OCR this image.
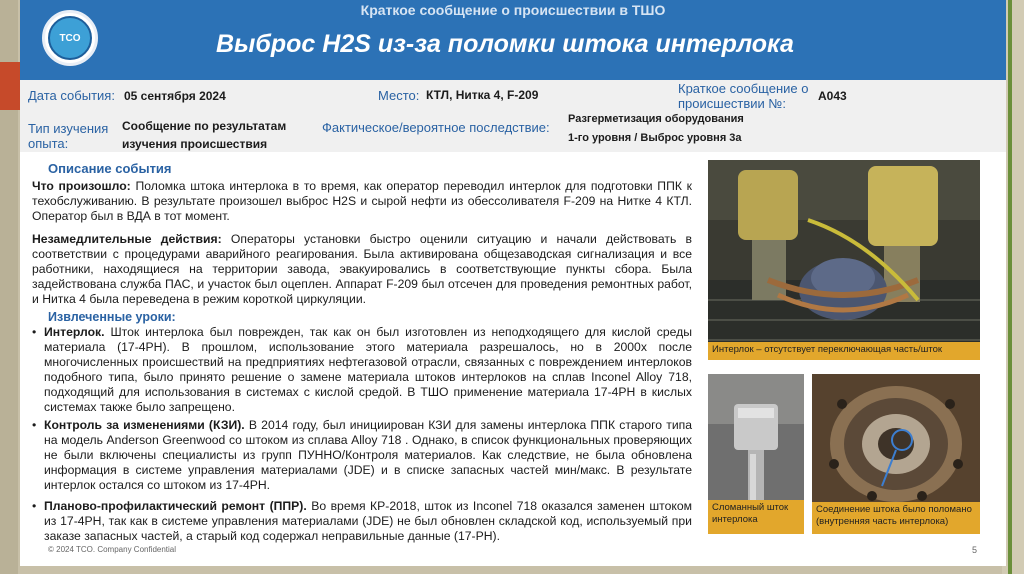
Краткое сообщение о происшествии в ТШО
TCO	Выброс H2S из-за поломки штока интерлока
Дата события: 05 сентября 2024	Место: КТЛ, Нитка 4, F-209	Краткое сообщение о
происшествии №:	A043
Тип изучения
опыта:
Сообщение по результатам
изучения происшествия
Фактическое/вероятное последствие:
Разгерметизация оборудования
1-го уровня / Выброс уровня 3а
Описание события
Что произошло: Поломка штока интерлока в то время, как оператор переводил интерлок для подготовки ППК к техобслуживанию. В результате произошел выброс H2S и сырой нефти из обессоливателя F-209 на Нитке 4 КТЛ. Оператор был в ВДА в тот момент.
Незамедлительные действия: Операторы установки быстро оценили ситуацию и начали действовать в соответствии с процедурами аварийного реагирования. Была активирована общезаводская сигнализация и все работники, находящиеся на территории завода, эвакуировались в соответствующие пункты сбора. Была задействована служба ПАС, и участок был оцеплен. Аппарат F-209 был отсечен для проведения ремонтных работ, и Нитка 4 была переведена в режим короткой циркуляции.
Извлеченные уроки:
• Интерлок. Шток интерлока был поврежден, так как он был изготовлен из неподходящего для кислой среды материала (17-4PH). В прошлом, использование этого материала разрешалось, но в 2000х после многочисленных происшествий на предприятиях нефтегазовой отрасли, связанных с повреждением интерлоков подобного типа, было принято решение о замене материала штоков интерлоков на сплав Inconel Alloy 718, подходящий для использования в системах с кислой средой. В ТШО применение материала 17-4PH в кислых системах также было запрещено.
• Контроль за изменениями (КЗИ). В 2014 году, был инициирован КЗИ для замены интерлока ППК старого типа на модель Anderson Greenwood со штоком из сплава Alloy 718 . Однако, в список функциональных проверяющих не были включены специалисты из групп ПУННО/Контроля материалов. Как следствие, не была обновлена информация в системе управления материалами (JDE) и в списке запасных частей мин/макс. В результате интерлок остался со штоком из 17-4PH.
• Планово-профилактический ремонт (ППР). Во время КР-2018, шток из Inconel 718 оказался заменен штоком из 17-4PH, так как в системе управления материалами (JDE) не был обновлен складской код, используемый при заказе запасных частей, а старый код содержал неправильные данные (17-PH).
Интерлок – отсутствует переключающая часть/шток
Сломанный шток
интерлока
Соединение штока было поломано
(внутренняя часть интерлока)
© 2024 TCO. Company Confidential	5
